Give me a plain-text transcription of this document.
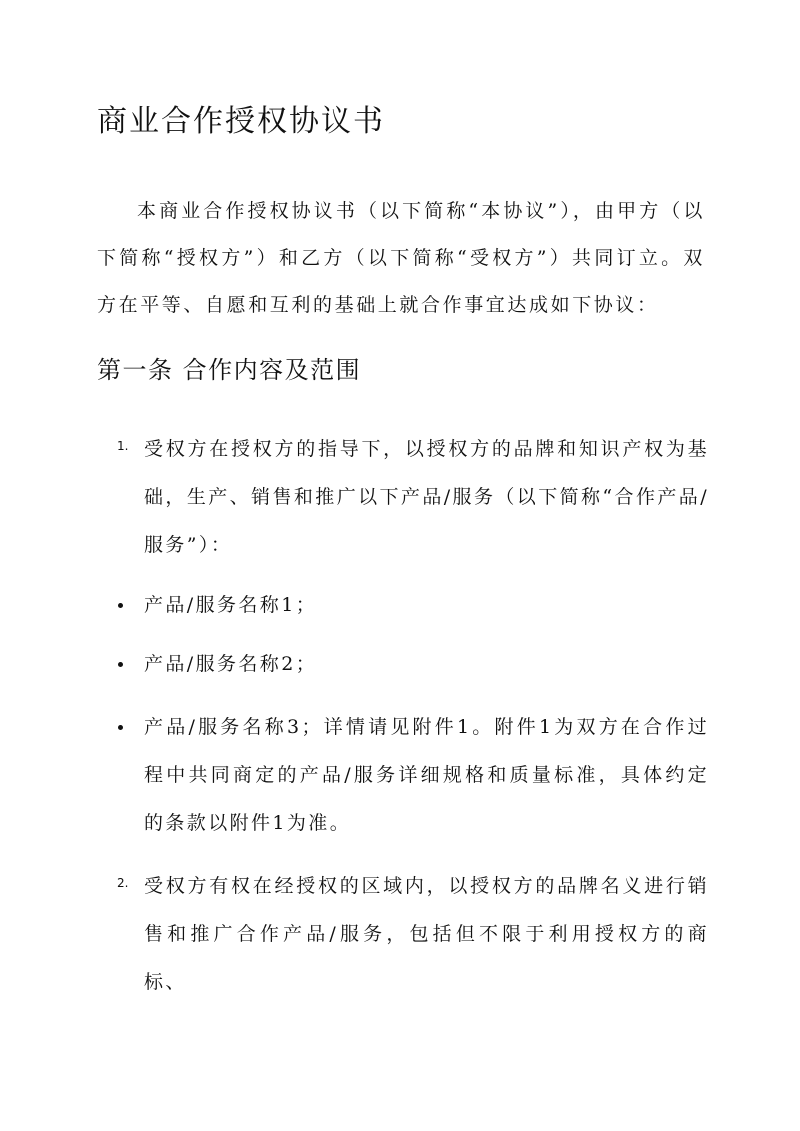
商业合作授权协议书
本商业合作授权协议书（以下简称“本协议”），由甲方（以下简称“授权方”）和乙方（以下简称“受权方”）共同订立。双方在平等、自愿和互利的基础上就合作事宜达成如下协议：
第一条 合作内容及范围
1. 受权方在授权方的指导下，以授权方的品牌和知识产权为基础，生产、销售和推广以下产品/服务（以下简称“合作产品/服务”）：
产品/服务名称1；
产品/服务名称2；
产品/服务名称3；详情请见附件1。附件1为双方在合作过程中共同商定的产品/服务详细规格和质量标准，具体约定的条款以附件1为准。
2. 受权方有权在经授权的区域内，以授权方的品牌名义进行销售和推广合作产品/服务，包括但不限于利用授权方的商标、
